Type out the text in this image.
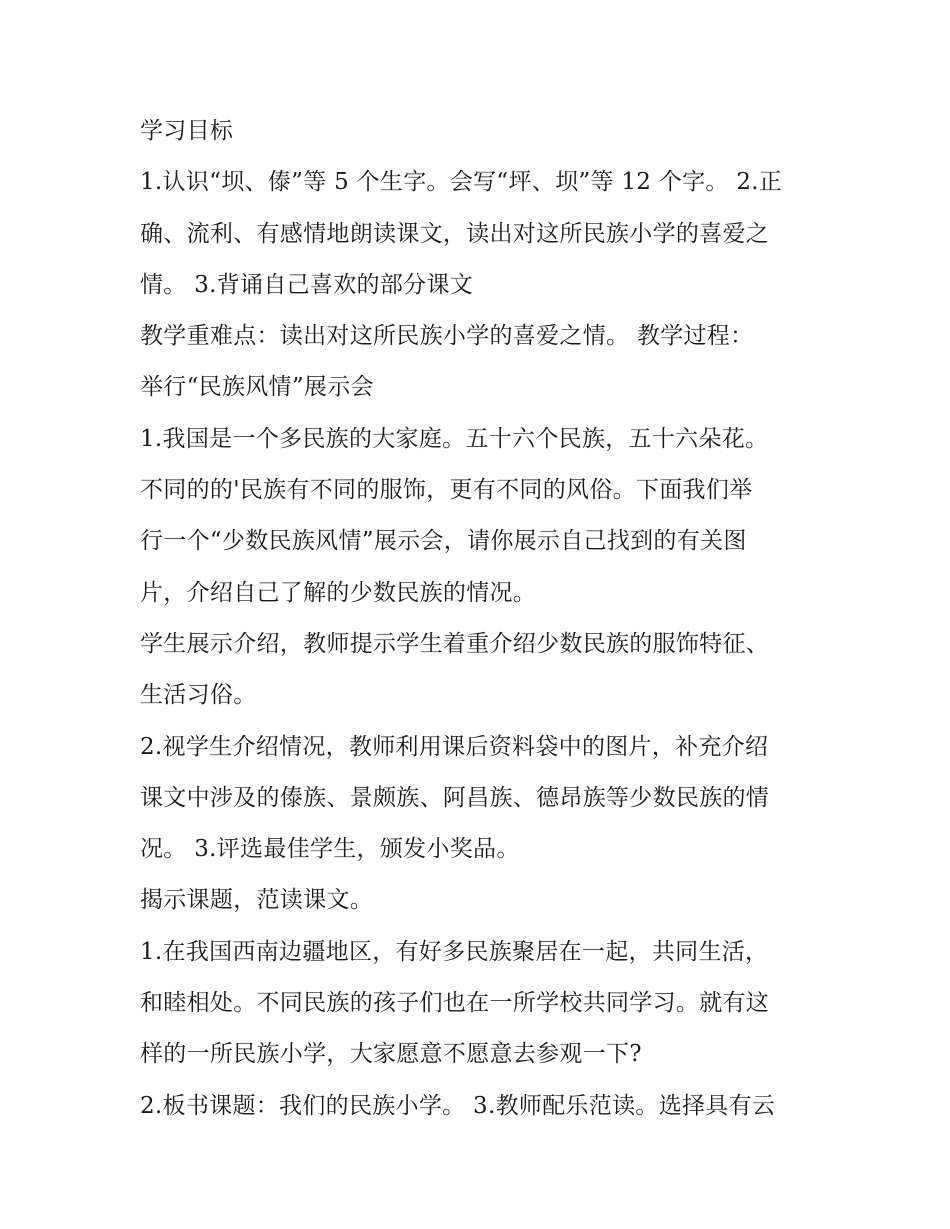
学习目标
1.认识“坝、傣”等 5 个生字。会写“坪、坝”等 12 个字。 2.正
确、流利、有感情地朗读课文，读出对这所民族小学的喜爱之
情。 3.背诵自己喜欢的部分课文
教学重难点：读出对这所民族小学的喜爱之情。 教学过程：
举行“民族风情”展示会
1.我国是一个多民族的大家庭。五十六个民族，五十六朵花。
不同的的'民族有不同的服饰，更有不同的风俗。下面我们举
行一个“少数民族风情”展示会，请你展示自己找到的有关图
片，介绍自己了解的少数民族的情况。
学生展示介绍，教师提示学生着重介绍少数民族的服饰特征、
生活习俗。
2.视学生介绍情况，教师利用课后资料袋中的图片，补充介绍
课文中涉及的傣族、景颇族、阿昌族、德昂族等少数民族的情
况。 3.评选最佳学生，颁发小奖品。
揭示课题，范读课文。
1.在我国西南边疆地区，有好多民族聚居在一起，共同生活，
和睦相处。不同民族的孩子们也在一所学校共同学习。就有这
样的一所民族小学，大家愿意不愿意去参观一下?
2.板书课题：我们的民族小学。 3.教师配乐范读。选择具有云
